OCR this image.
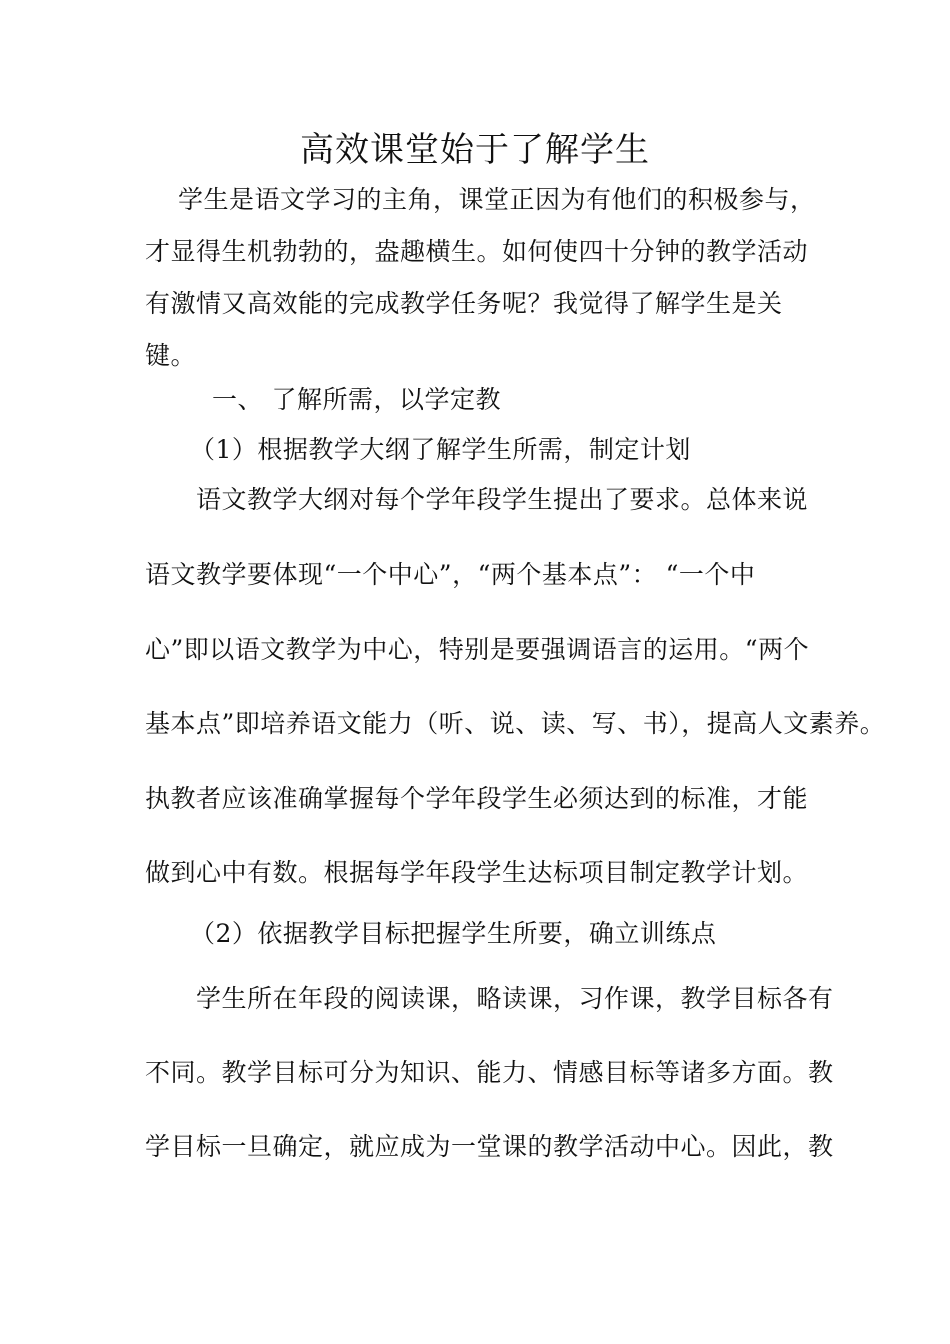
高效课堂始于了解学生
学生是语文学习的主角，课堂正因为有他们的积极参与，
才显得生机勃勃的，盎趣横生。如何使四十分钟的教学活动
有激情又高效能的完成教学任务呢？我觉得了解学生是关
键。
一、 了解所需，以学定教
（1）根据教学大纲了解学生所需，制定计划
语文教学大纲对每个学年段学生提出了要求。总体来说
语文教学要体现“一个中心”，“两个基本点”： “一个中
心”即以语文教学为中心，特别是要强调语言的运用。“两个
基本点”即培养语文能力（听、说、读、写、书），提高人文素养。
执教者应该准确掌握每个学年段学生必须达到的标准，才能
做到心中有数。根据每学年段学生达标项目制定教学计划。
（2）依据教学目标把握学生所要，确立训练点
学生所在年段的阅读课，略读课，习作课，教学目标各有
不同。教学目标可分为知识、能力、情感目标等诸多方面。教
学目标一旦确定，就应成为一堂课的教学活动中心。因此，教
